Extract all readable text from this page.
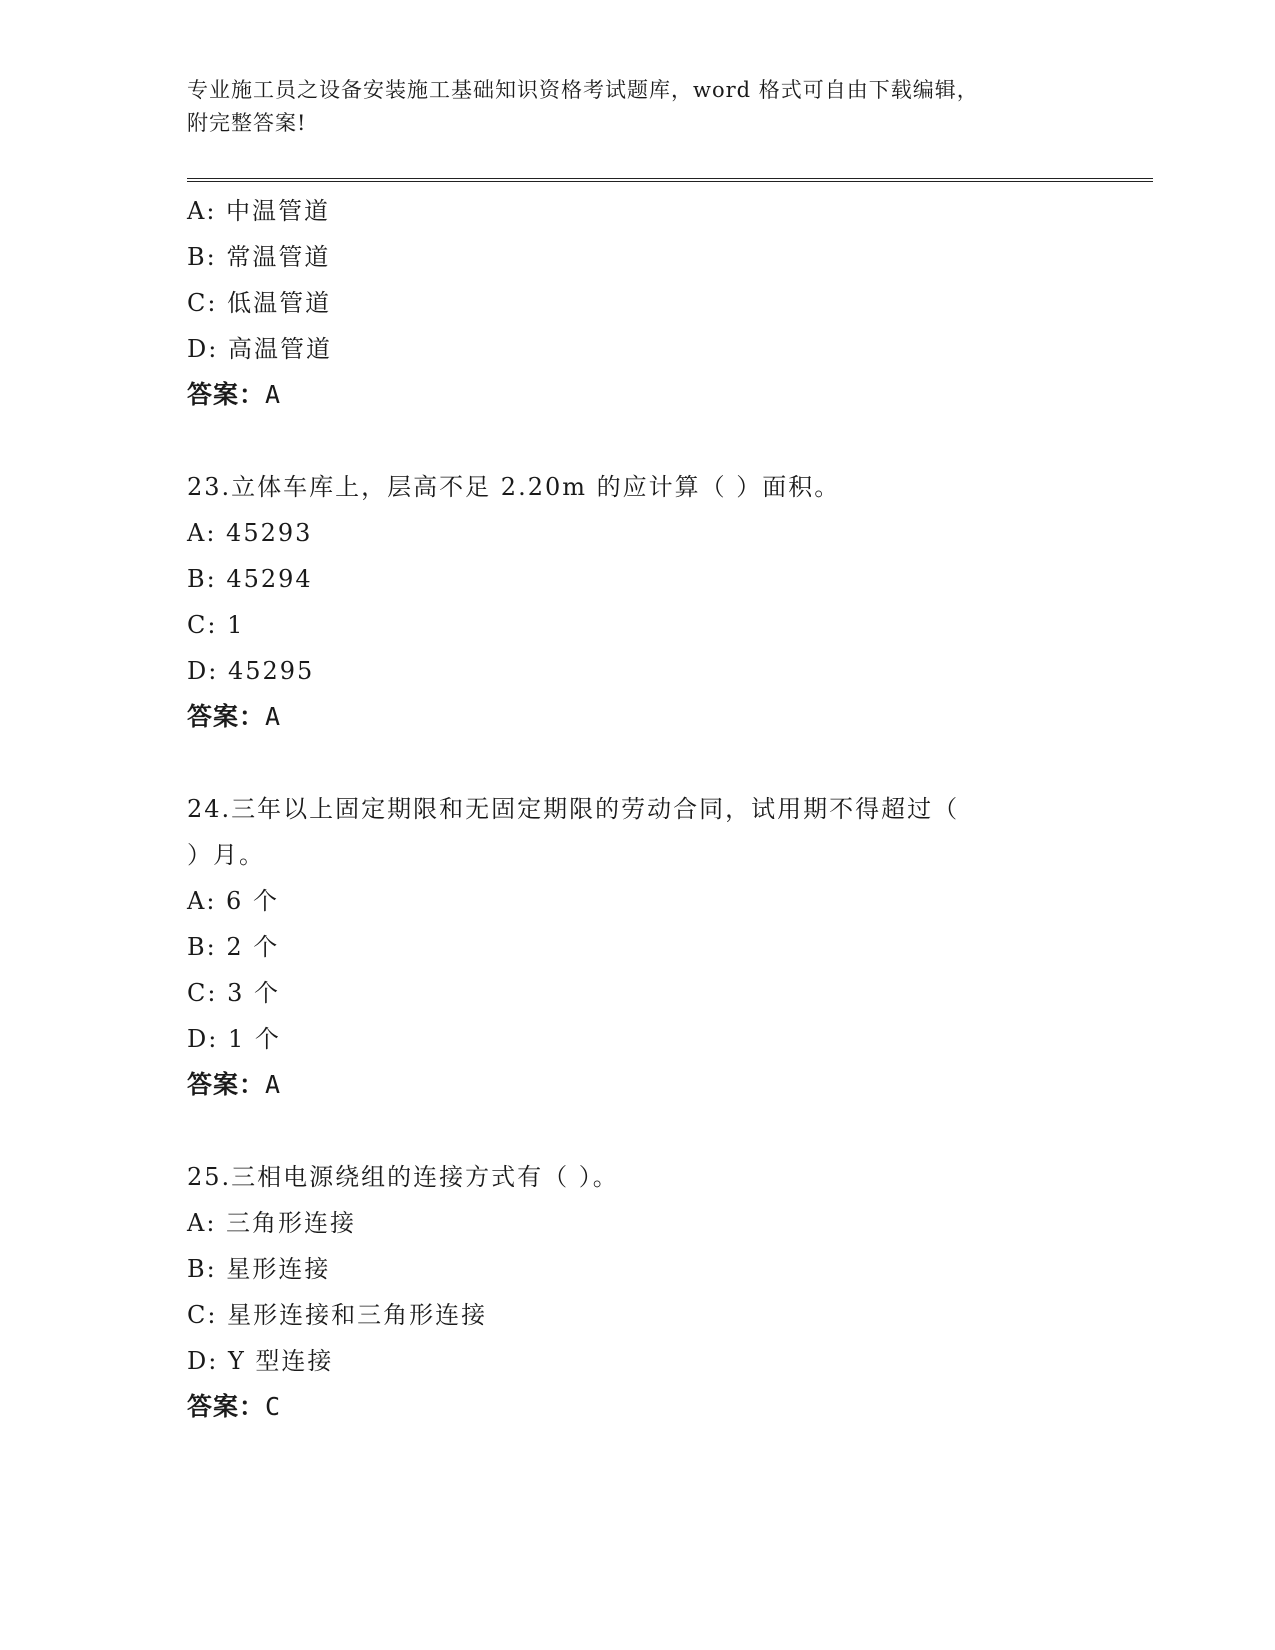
专业施工员之设备安装施工基础知识资格考试题库，word 格式可自由下载编辑，
附完整答案!
A: 中温管道
B: 常温管道
C: 低温管道
D: 高温管道
答案：A
23.立体车库上，层高不足 2.20m 的应计算（ ）面积。
A: 45293
B: 45294
C: 1
D: 45295
答案：A
24.三年以上固定期限和无固定期限的劳动合同，试用期不得超过（
）月。
A: 6 个
B: 2 个
C: 3 个
D: 1 个
答案：A
25.三相电源绕组的连接方式有（ ）。
A: 三角形连接
B: 星形连接
C: 星形连接和三角形连接
D: Y 型连接
答案：C
